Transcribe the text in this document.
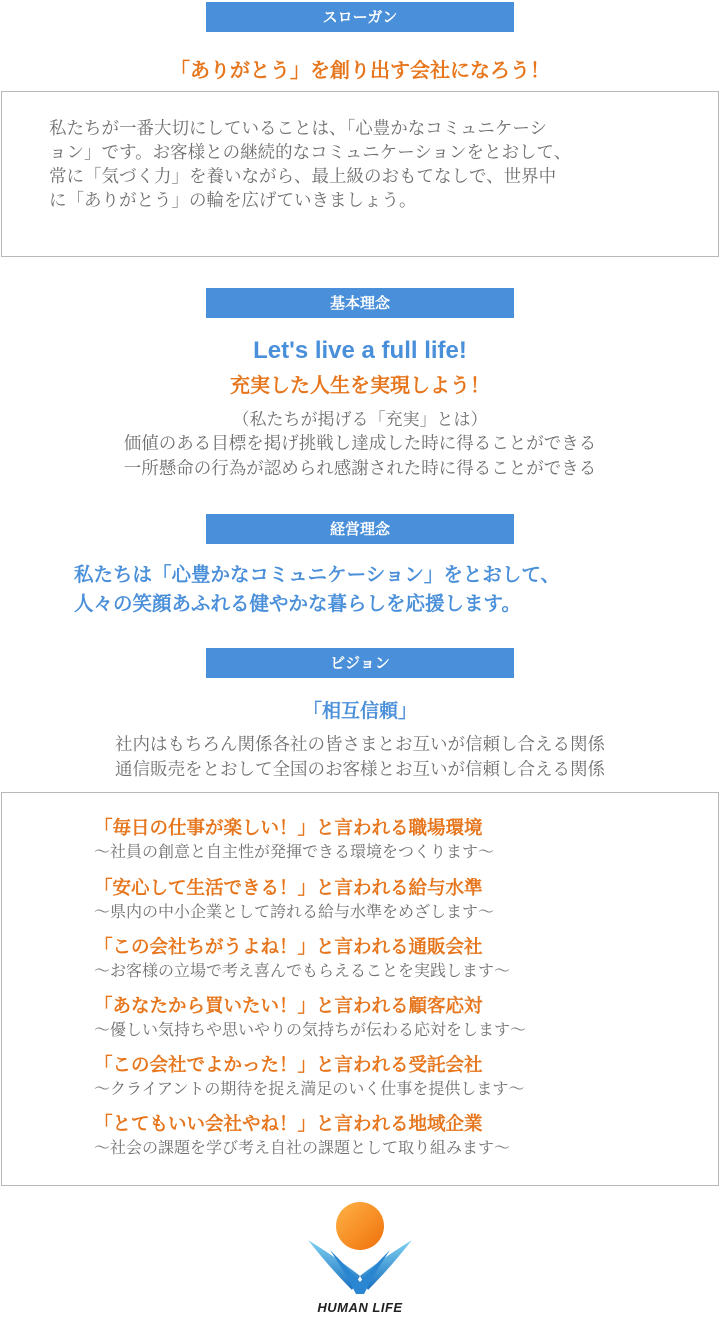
スローガン
「ありがとう」を創り出す会社になろう！
私たちが一番大切にしていることは、「心豊かなコミュニケーシ
ョン」です。お客様との継続的なコミュニケーションをとおして、
常に「気づく力」を養いながら、最上級のおもてなしで、世界中
に「ありがとう」の輪を広げていきましょう。
基本理念
Let's live a full life!
充実した人生を実現しよう！
（私たちが掲げる「充実」とは）
価値のある目標を掲げ挑戦し達成した時に得ることができる
一所懸命の行為が認められ感謝された時に得ることができる
経営理念
私たちは「心豊かなコミュニケーション」をとおして、
人々の笑顔あふれる健やかな暮らしを応援します。
ビジョン
「相互信頼」
社内はもちろん関係各社の皆さまとお互いが信頼し合える関係
通信販売をとおして全国のお客様とお互いが信頼し合える関係
「毎日の仕事が楽しい！」と言われる職場環境
～社員の創意と自主性が発揮できる環境をつくります～
「安心して生活できる！」と言われる給与水準
～県内の中小企業として誇れる給与水準をめざします～
「この会社ちがうよね！」と言われる通販会社
～お客様の立場で考え喜んでもらえることを実践します～
「あなたから買いたい！」と言われる顧客応対
～優しい気持ちや思いやりの気持ちが伝わる応対をします～
「この会社でよかった！」と言われる受託会社
～クライアントの期待を捉え満足のいく仕事を提供します～
「とてもいい会社やね！」と言われる地域企業
～社会の課題を学び考え自社の課題として取り組みます～
HUMAN LIFE
